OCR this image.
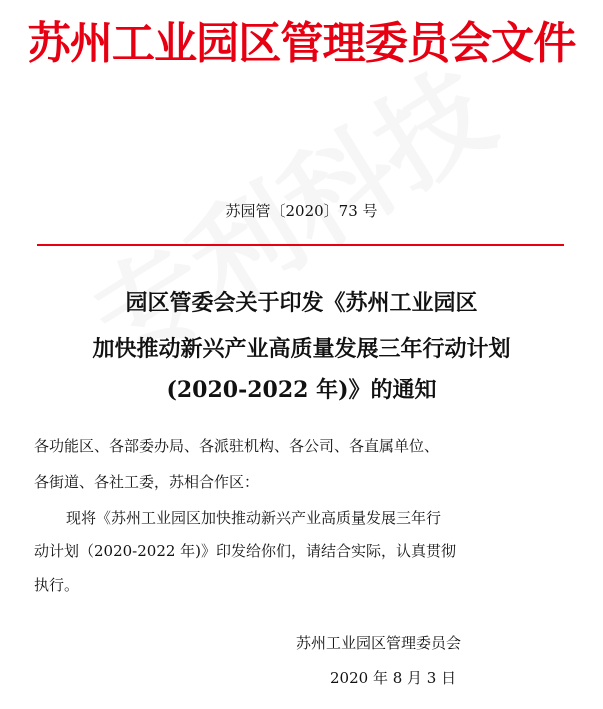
苏州工业园区管理委员会文件
苏园管〔2020〕73 号
园区管委会关于印发《苏州工业园区
加快推动新兴产业高质量发展三年行动计划
(2020-2022 年)》的通知
各功能区、各部委办局、各派驻机构、各公司、各直属单位、
各街道、各社工委，苏相合作区：
现将《苏州工业园区加快推动新兴产业高质量发展三年行
动计划（2020-2022 年)》印发给你们，请结合实际，认真贯彻
执行。
苏州工业园区管理委员会
2020 年 8 月 3 日
